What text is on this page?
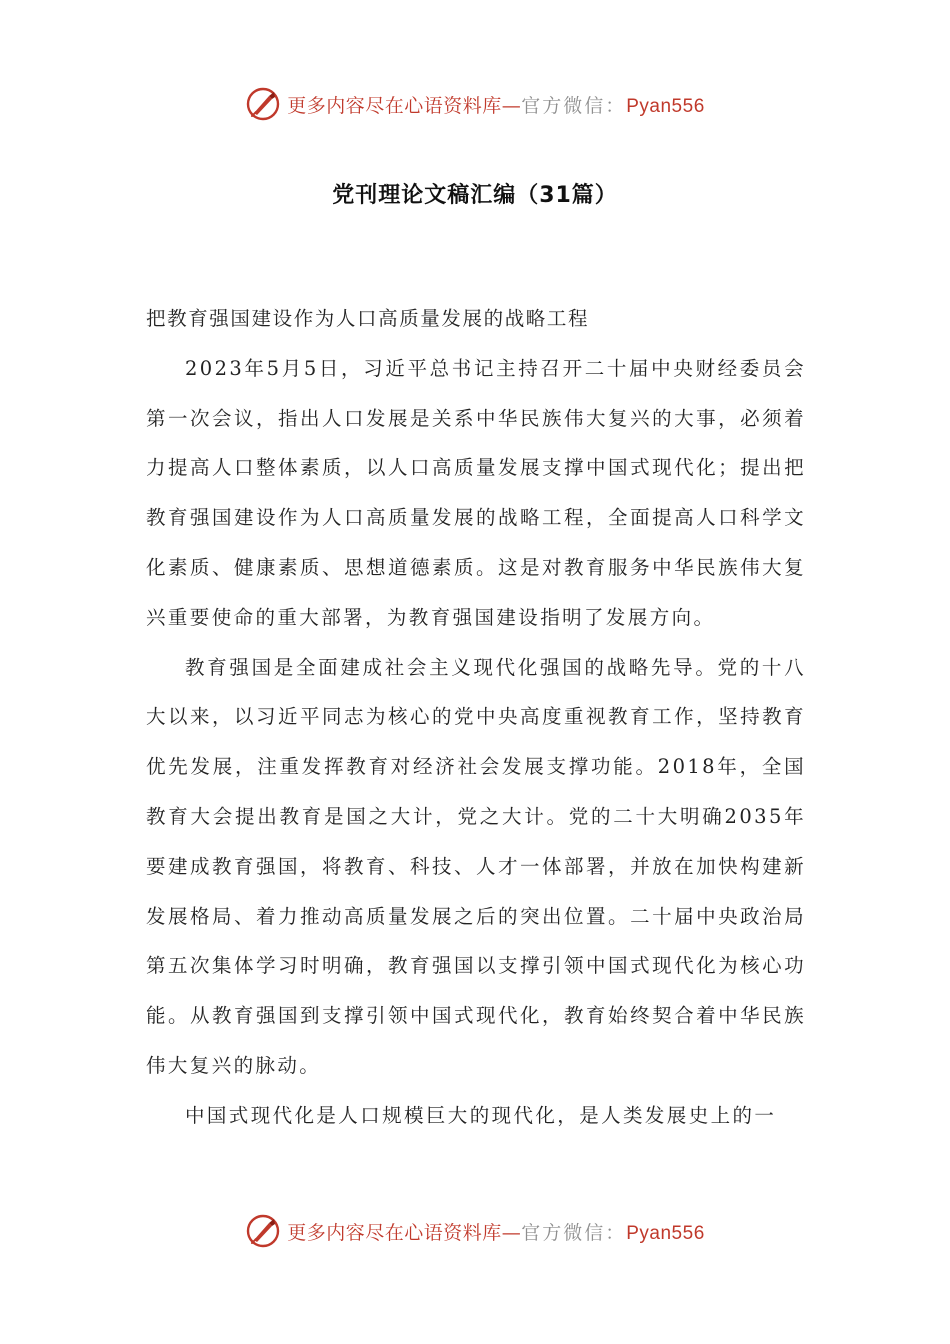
更多内容尽在心语资料库—官方微信：Pyan556
党刊理论文稿汇编（31篇）
把教育强国建设作为人口高质量发展的战略工程

2023年5月5日，习近平总书记主持召开二十届中央财经委员会第一次会议，指出人口发展是关系中华民族伟大复兴的大事，必须着力提高人口整体素质，以人口高质量发展支撑中国式现代化；提出把教育强国建设作为人口高质量发展的战略工程，全面提高人口科学文化素质、健康素质、思想道德素质。这是对教育服务中华民族伟大复兴重要使命的重大部署，为教育强国建设指明了发展方向。

教育强国是全面建成社会主义现代化强国的战略先导。党的十八大以来，以习近平同志为核心的党中央高度重视教育工作，坚持教育优先发展，注重发挥教育对经济社会发展支撑功能。2018年，全国教育大会提出教育是国之大计，党之大计。党的二十大明确2035年要建成教育强国，将教育、科技、人才一体部署，并放在加快构建新发展格局、着力推动高质量发展之后的突出位置。二十届中央政治局第五次集体学习时明确，教育强国以支撑引领中国式现代化为核心功能。从教育强国到支撑引领中国式现代化，教育始终契合着中华民族伟大复兴的脉动。

中国式现代化是人口规模巨大的现代化，是人类发展史上的一

更多内容尽在心语资料库—官方微信：Pyan556
